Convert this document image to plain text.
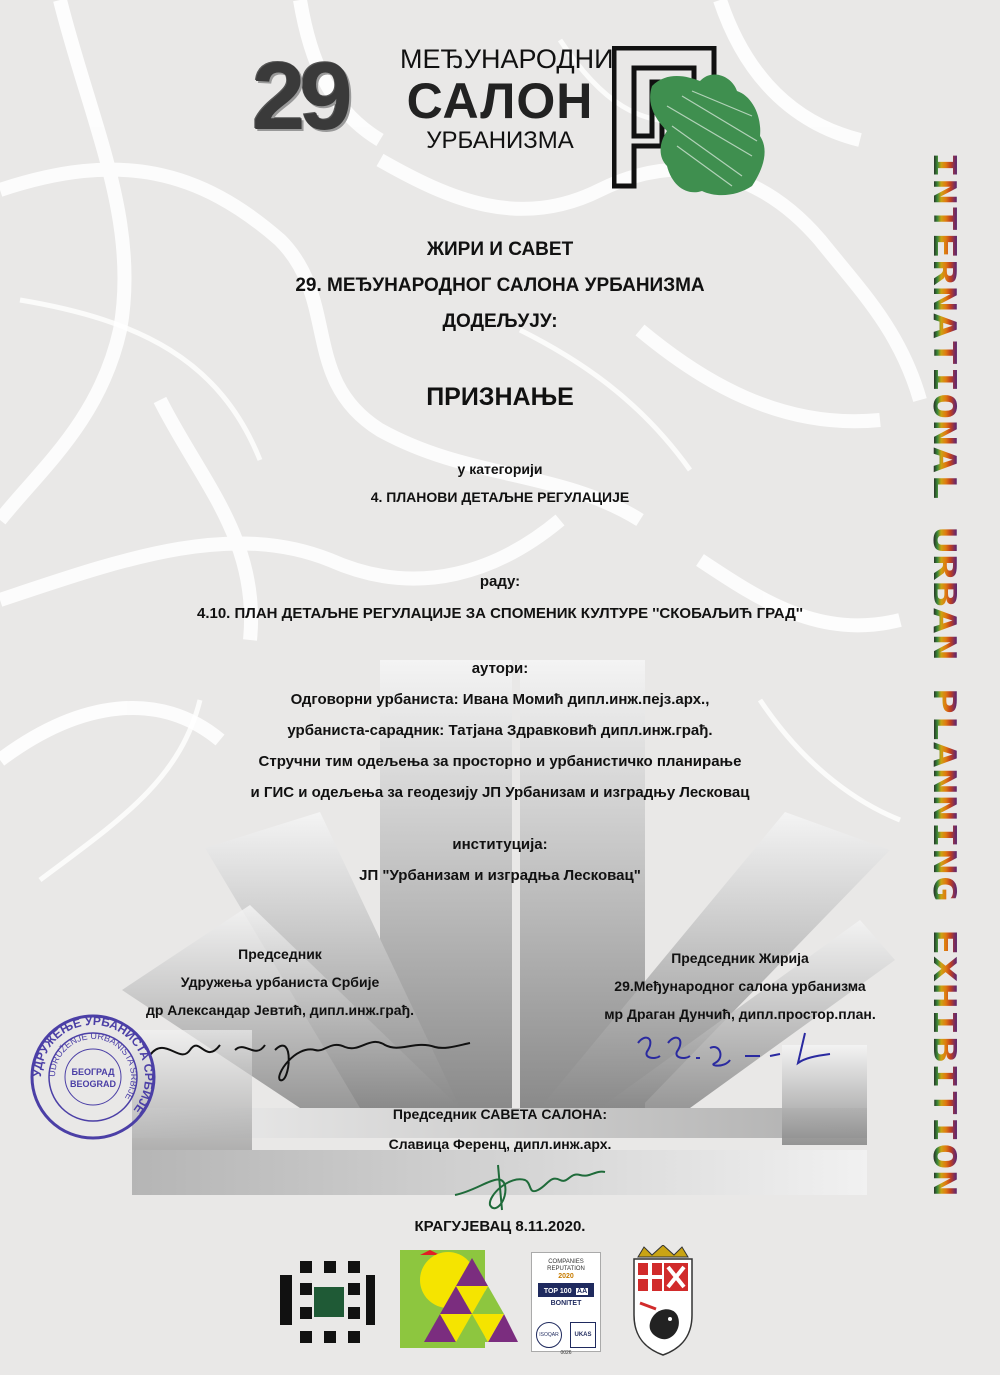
29 МЕЂУНАРОДНИ
САЛОН
УРБАНИЗМА
INTERNATIONAL URBAN PLANNING EXHIBITION
ЖИРИ И САВЕТ
29. МЕЂУНАРОДНОГ САЛОНА УРБАНИЗМА
ДОДЕЉУЈУ:
ПРИЗНАЊЕ
у категорији
4. ПЛАНОВИ ДЕТАЉНЕ РЕГУЛАЦИЈЕ
раду:
4.10. ПЛАН ДЕТАЉНЕ РЕГУЛАЦИЈЕ ЗА СПОМЕНИК КУЛТУРЕ ''СКОБАЉИЋ ГРАД''
аутори:
Одговорни урбаниста: Ивана Момић дипл.инж.пејз.арх.,
урбаниста-сарадник: Татјана Здравковић дипл.инж.грађ.
Стручни тим одељења за просторно и урбанистичко планирање
и ГИС и одељења за геодезију ЈП Урбанизам и изградњу Лесковац
институција:
ЈП "Урбанизам и изградња Лесковац"
Председник
Удружења урбаниста Србије
др Александар Јевтић, дипл.инж.грађ.
Председник Жирија
29.Међународног салона урбанизма
мр Драган Дунчић, дипл.простор.план.
Председник САВЕТА САЛОНА:
Славица Ференц, дипл.инж.арх.
УДРУЖЕЊЕ УРБАНИСТА СРБИЈЕ
UDRUŽENJE URBANISTA SRBIJE
БЕОГРАД
BEOGRAD
КРАГУЈЕВАЦ 8.11.2020.
COMPANIES
REPUTATION
2020
TOP 100 AA
BONITET
ISOQAR	UKAS
0026
